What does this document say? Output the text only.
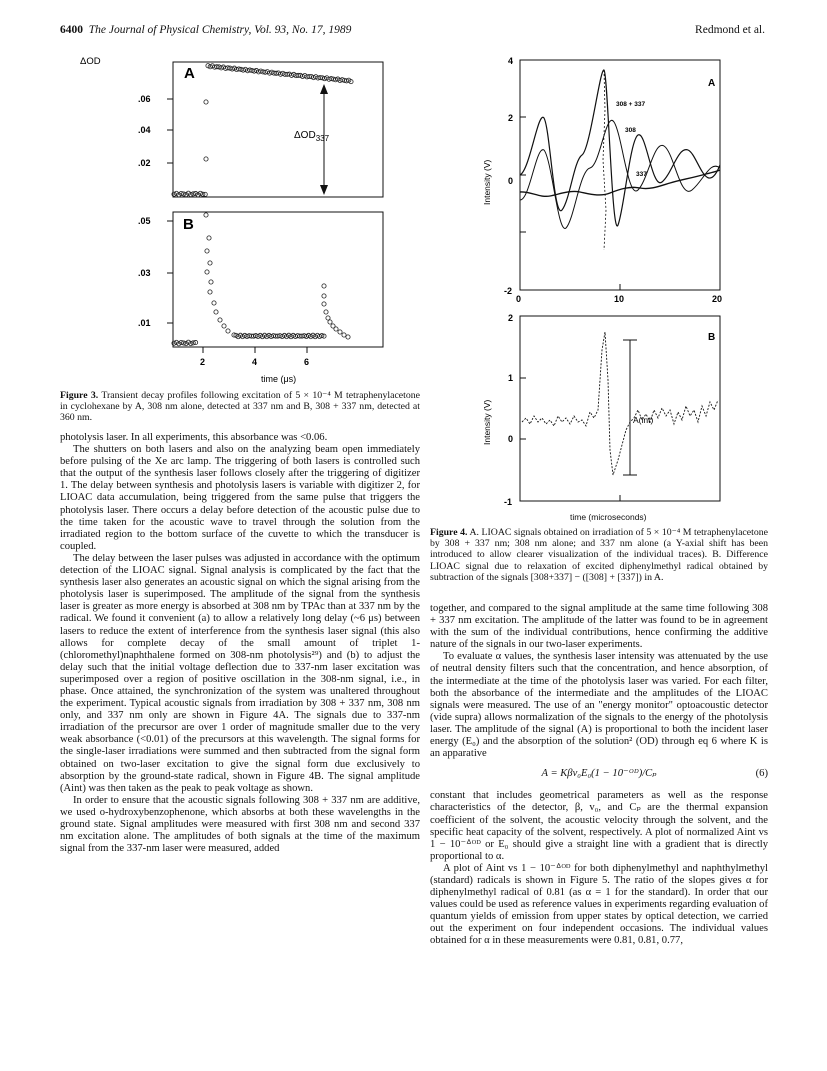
6400 The Journal of Physical Chemistry, Vol. 93, No. 17, 1989	Redmond et al.
ΔOD
A
B
.06
.04
.02
.05
.03
.01
2	4	6
time (μs)
$\Delta OD_{337}$
Figure 3. Transient decay profiles following excitation of 5 × 10⁻⁴ M tetraphenylacetone in cyclohexane by A, 308 nm alone, detected at 337 nm and B, 308 + 337 nm, detected at 360 nm.
4
2
0
-2
2
1
0
-1
0	10	20
A
B
308 + 337
308
337
A(int)
Intensity (V)
Intensity (V)
time (microseconds)
Figure 4. A. LIOAC signals obtained on irradiation of 5 × 10⁻⁴ M tetraphenylacetone by 308 + 337 nm; 308 nm alone; and 337 nm alone (a Y-axial shift has been introduced to allow clearer visualization of the individual traces). B. Difference LIOAC signal due to relaxation of excited diphenylmethyl radical obtained by subtraction of the signals [308+337] − ([308] + [337]) in A.

photolysis laser. In all experiments, this absorbance was <0.06.

The shutters on both lasers and also on the analyzing beam open immediately before pulsing of the Xe arc lamp. The triggering of both lasers is controlled such that the output of the synthesis laser follows closely after the triggering of digitizer 1. The delay between synthesis and photolysis lasers is variable with digitizer 2, for LIOAC data accumulation, being triggered from the same pulse that triggers the photolysis laser. There occurs a delay before detection of the acoustic pulse due to the time taken for the acoustic wave to travel through the solution from the irradiated region to the bottom surface of the cuvette to which the transducer is coupled.

The delay between the laser pulses was adjusted in accordance with the optimum detection of the LIOAC signal. Signal analysis is complicated by the fact that the synthesis laser also generates an acoustic signal on which the signal arising from the photolysis laser is superimposed. The amplitude of the signal from the synthesis laser is greater as more energy is absorbed at 308 nm by TPAc than at 337 nm by the radical. We found it convenient (a) to allow a relatively long delay (~6 μs) between lasers to reduce the extent of interference from the synthesis laser signal (this also allows for complete decay of the small amount of triplet 1-(chloromethyl)naphthalene formed on 308-nm photolysis²⁹) and (b) to adjust the delay such that the initial voltage deflection due to 337-nm laser excitation was superimposed over a region of positive oscillation in the 308-nm signal, i.e., in phase. Once attained, the synchronization of the system was unaltered throughout the experiment. Typical acoustic signals from irradiation by 308 + 337 nm, 308 nm only, and 337 nm only are shown in Figure 4A. The signals due to 337-nm irradiation of the precursor are over 1 order of magnitude smaller due to the very weak absorbance (<0.01) of the precursors at this wavelength. The signal forms for the single-laser irradiations were summed and then subtracted from the signal form obtained on two-laser excitation to give the signal form due exclusively to absorption by the ground-state radical, shown in Figure 4B. The signal amplitude (Aint) was then taken as the peak to peak voltage as shown.

In order to ensure that the acoustic signals following 308 + 337 nm are additive, we used o-hydroxybenzophenone, which absorbs at both these wavelengths in the ground state. Signal amplitudes were measured with first 308 nm and second 337 nm excitation alone. The amplitudes of both signals at the time of the maximum signal from the 337-nm laser were measured, added

together, and compared to the signal amplitude at the same time following 308 + 337 nm excitation. The amplitude of the latter was found to be in agreement with the sum of the individual contributions, hence confirming the additive nature of the signals in our two-laser experiments.

To evaluate α values, the synthesis laser intensity was attenuated by the use of neutral density filters such that the concentration, and hence absorption, of the intermediate at the time of the photolysis laser was varied. For each filter, both the absorbance of the intermediate and the amplitudes of the LIOAC signals were measured. The use of an "energy monitor" optoacoustic detector (vide supra) allows normalization of the signals to the energy of the photolysis laser. The amplitude of the signal (A) is proportional to both the incident laser energy (E₀) and the absorption of the solution² (OD) through eq 6 where K is an apparative

A = Kβv₀E₀(1 − 10⁻ᴼᴰ)/Cₚ	(6)

constant that includes geometrical parameters as well as the response characteristics of the detector, β, v₀, and Cₚ are the thermal expansion coefficient of the solvent, the acoustic velocity through the solvent, and the specific heat capacity of the solvent, respectively. A plot of normalized Aint vs 1 − 10⁻ᐞᴼᴰ or E₀ should give a straight line with a gradient that is directly proportional to α.

A plot of Aint vs 1 − 10⁻ᐞᴼᴰ for both diphenylmethyl and naphthylmethyl (standard) radicals is shown in Figure 5. The ratio of the slopes gives α for diphenylmethyl radical of 0.81 (as α = 1 for the standard). In order that our values could be used as reference values in experiments regarding evaluation of quantum yields of emission from upper states by optical detection, we carried out the experiment on four independent occasions. The individual values obtained for α in these measurements were 0.81, 0.81, 0.77,
